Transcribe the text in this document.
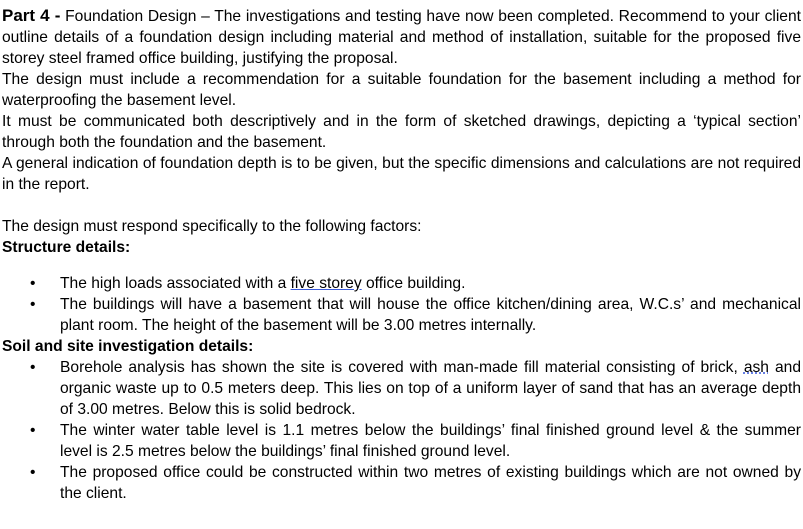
Part 4 - Foundation Design – The investigations and testing have now been completed. Recommend to your client outline details of a foundation design including material and method of installation, suitable for the proposed five storey steel framed office building, justifying the proposal.

The design must include a recommendation for a suitable foundation for the basement including a method for waterproofing the basement level.

It must be communicated both descriptively and in the form of sketched drawings, depicting a ‘typical section’ through both the foundation and the basement.

A general indication of foundation depth is to be given, but the specific dimensions and calculations are not required in the report.

The design must respond specifically to the following factors:

Structure details:

• The high loads associated with a five storey office building.
• The buildings will have a basement that will house the office kitchen/dining area, W.C.s’ and mechanical plant room. The height of the basement will be 3.00 metres internally.

Soil and site investigation details:

• Borehole analysis has shown the site is covered with man-made fill material consisting of brick, ash and organic waste up to 0.5 meters deep. This lies on top of a uniform layer of sand that has an average depth of 3.00 metres. Below this is solid bedrock.
• The winter water table level is 1.1 metres below the buildings’ final finished ground level & the summer level is 2.5 metres below the buildings’ final finished ground level.
• The proposed office could be constructed within two metres of existing buildings which are not owned by the client.
